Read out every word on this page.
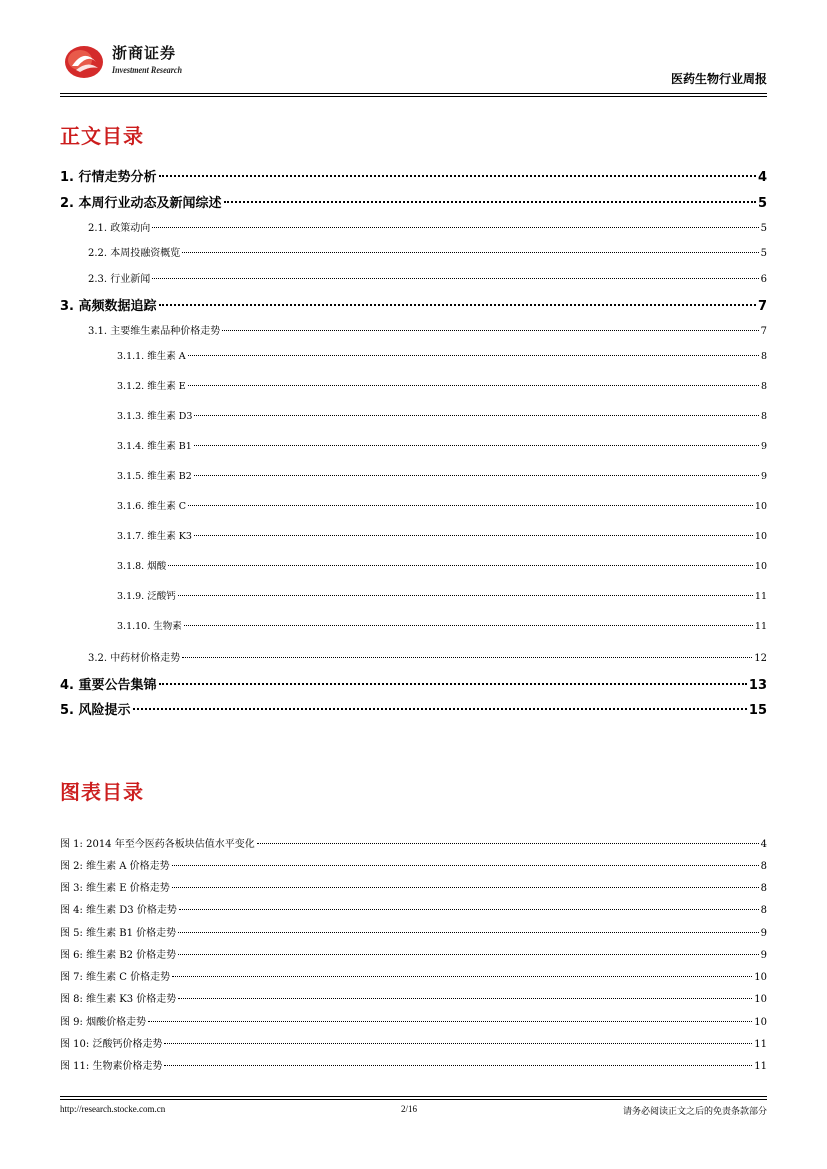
浙商证券
Investment Research
医药生物行业周报
正文目录
1. 行情走势分析	4
2. 本周行业动态及新闻综述	5
2.1. 政策动向	5
2.2. 本周投融资概览	5
2.3. 行业新闻	6
3. 高频数据追踪	7
3.1. 主要维生素品种价格走势	7
3.1.1. 维生素 A	8
3.1.2. 维生素 E	8
3.1.3. 维生素 D3	8
3.1.4. 维生素 B1	9
3.1.5. 维生素 B2	9
3.1.6. 维生素 C	10
3.1.7. 维生素 K3	10
3.1.8. 烟酸	10
3.1.9. 泛酸钙	11
3.1.10. 生物素	11
3.2. 中药材价格走势	12
4. 重要公告集锦	13
5. 风险提示	15
图表目录
图 1: 2014 年至今医药各板块估值水平变化	4
图 2: 维生素 A 价格走势	8
图 3: 维生素 E 价格走势	8
图 4: 维生素 D3 价格走势	8
图 5: 维生素 B1 价格走势	9
图 6: 维生素 B2 价格走势	9
图 7: 维生素 C 价格走势	10
图 8: 维生素 K3 价格走势	10
图 9: 烟酸价格走势	10
图 10: 泛酸钙价格走势	11
图 11: 生物素价格走势	11
http://research.stocke.com.cn	2/16	请务必阅读正文之后的免责条款部分
